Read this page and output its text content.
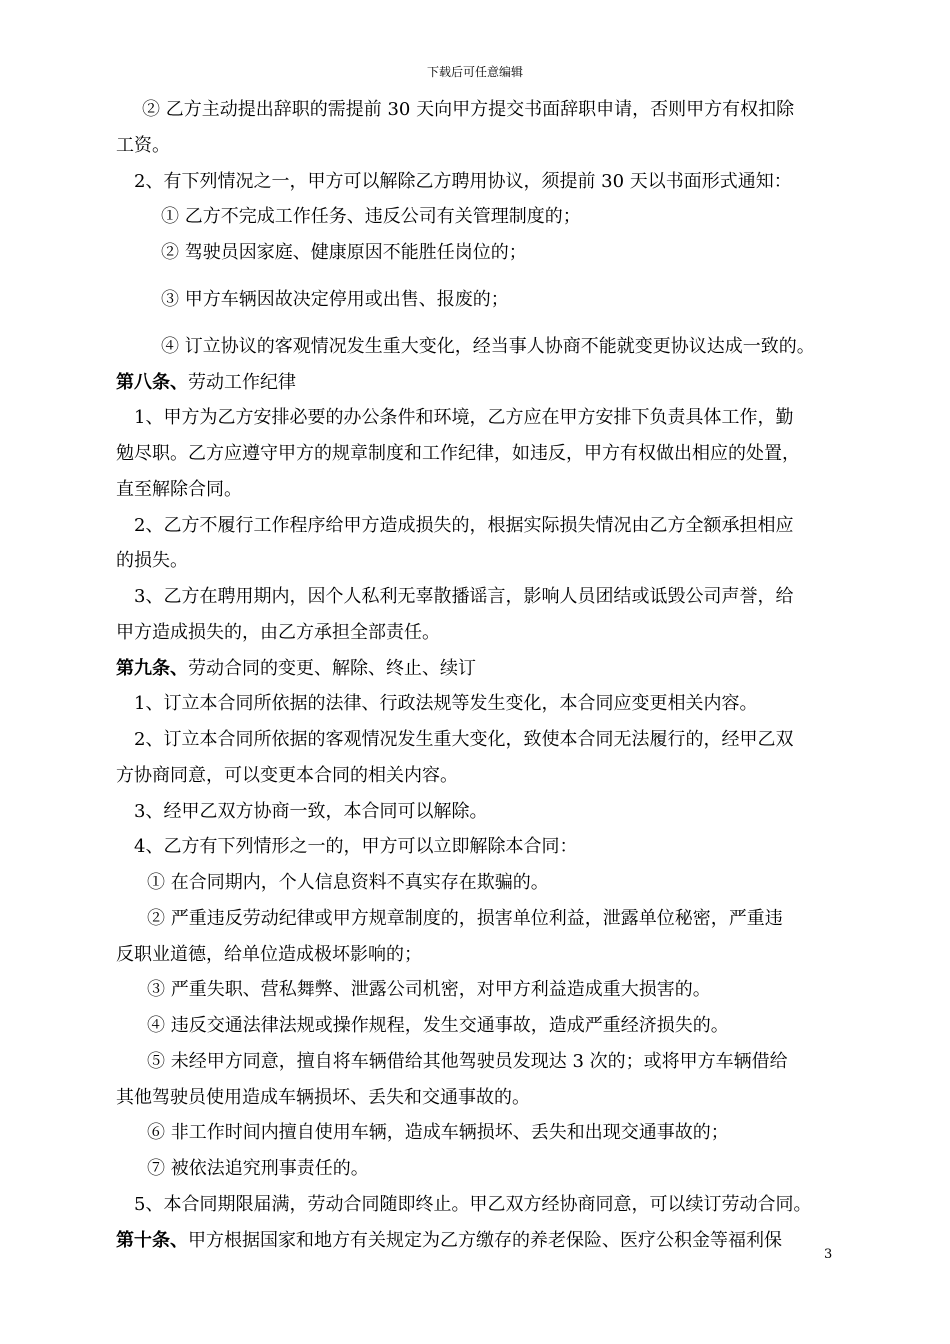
下载后可任意编辑
② 乙方主动提出辞职的需提前 30 天向甲方提交书面辞职申请，否则甲方有权扣除
工资。
2、有下列情况之一，甲方可以解除乙方聘用协议，须提前 30 天以书面形式通知：
① 乙方不完成工作任务、违反公司有关管理制度的；
② 驾驶员因家庭、健康原因不能胜任岗位的；
③ 甲方车辆因故决定停用或出售、报废的；
④ 订立协议的客观情况发生重大变化，经当事人协商不能就变更协议达成一致的。
第八条、劳动工作纪律
1、甲方为乙方安排必要的办公条件和环境，乙方应在甲方安排下负责具体工作，勤
勉尽职。乙方应遵守甲方的规章制度和工作纪律，如违反，甲方有权做出相应的处置，
直至解除合同。
2、乙方不履行工作程序给甲方造成损失的，根据实际损失情况由乙方全额承担相应
的损失。
3、乙方在聘用期内，因个人私利无辜散播谣言，影响人员团结或诋毁公司声誉，给
甲方造成损失的，由乙方承担全部责任。
第九条、劳动合同的变更、解除、终止、续订
1、订立本合同所依据的法律、行政法规等发生变化，本合同应变更相关内容。
2、订立本合同所依据的客观情况发生重大变化，致使本合同无法履行的，经甲乙双
方协商同意，可以变更本合同的相关内容。
3、经甲乙双方协商一致，本合同可以解除。
4、乙方有下列情形之一的，甲方可以立即解除本合同：
① 在合同期内，个人信息资料不真实存在欺骗的。
② 严重违反劳动纪律或甲方规章制度的，损害单位利益，泄露单位秘密，严重违
反职业道德，给单位造成极坏影响的；
③ 严重失职、营私舞弊、泄露公司机密，对甲方利益造成重大损害的。
④ 违反交通法律法规或操作规程，发生交通事故，造成严重经济损失的。
⑤ 未经甲方同意，擅自将车辆借给其他驾驶员发现达 3 次的；或将甲方车辆借给
其他驾驶员使用造成车辆损坏、丢失和交通事故的。
⑥ 非工作时间内擅自使用车辆，造成车辆损坏、丢失和出现交通事故的；
⑦ 被依法追究刑事责任的。
5、本合同期限届满，劳动合同随即终止。甲乙双方经协商同意，可以续订劳动合同。
第十条、甲方根据国家和地方有关规定为乙方缴存的养老保险、医疗公积金等福利保
3
